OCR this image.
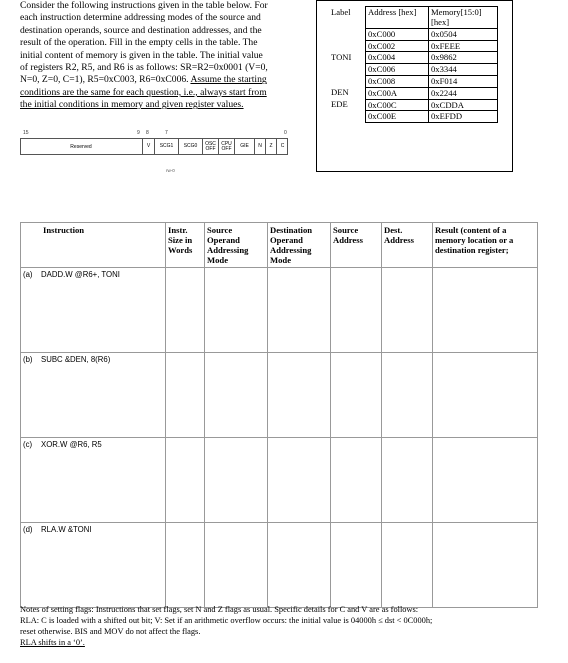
Consider the following instructions given in the table below. For
each instruction determine addressing modes of the source and
destination operands, source and destination addresses, and the
result of the operation. Fill in the empty cells in the table. The
initial content of memory is given in the table. The initial value
of registers R2, R5, and R6 is as follows: SR=R2=0x0001 (V=0,
N=0, Z=0, C=1), R5=0xC003, R6=0xC006. Assume the starting
conditions are the same for each question, i.e., always start from
the initial conditions in memory and given register values.
Label	Address [hex]	Memory[15:0] [hex]
	0xC000	0x0504
	0xC002	0xFEEE
TONI	0xC004	0x9862
	0xC006	0x3344
	0xC008	0xF014
DEN	0xC00A	0x2244
EDE	0xC00C	0xCDDA
	0xC00E	0xEFDD
15	9 8	7	0
Reserved	V	SCG1	SCG0	OSC OFF
CPU OFF	GIE	N	Z	C
rw-0
Instruction	Instr. Size in Words	Source Operand Addressing Mode	Destination Operand Addressing Mode	Source Address	Dest. Address	Result (content of a memory location or a destination register;
(a) DADD.W @R6+, TONI						
(b) SUBC &DEN, 8(R6)						
(c) XOR.W @R6, R5						
(d) RLA.W &TONI						
Notes of setting flags: Instructions that set flags, set N and Z flags as usual. Specific details for C and V are as follows:
RLA: C is loaded with a shifted out bit; V: Set if an arithmetic overflow occurs: the initial value is 04000h ≤ dst < 0C000h;
reset otherwise. BIS and MOV do not affect the flags.
RLA shifts in a ‘0’.
